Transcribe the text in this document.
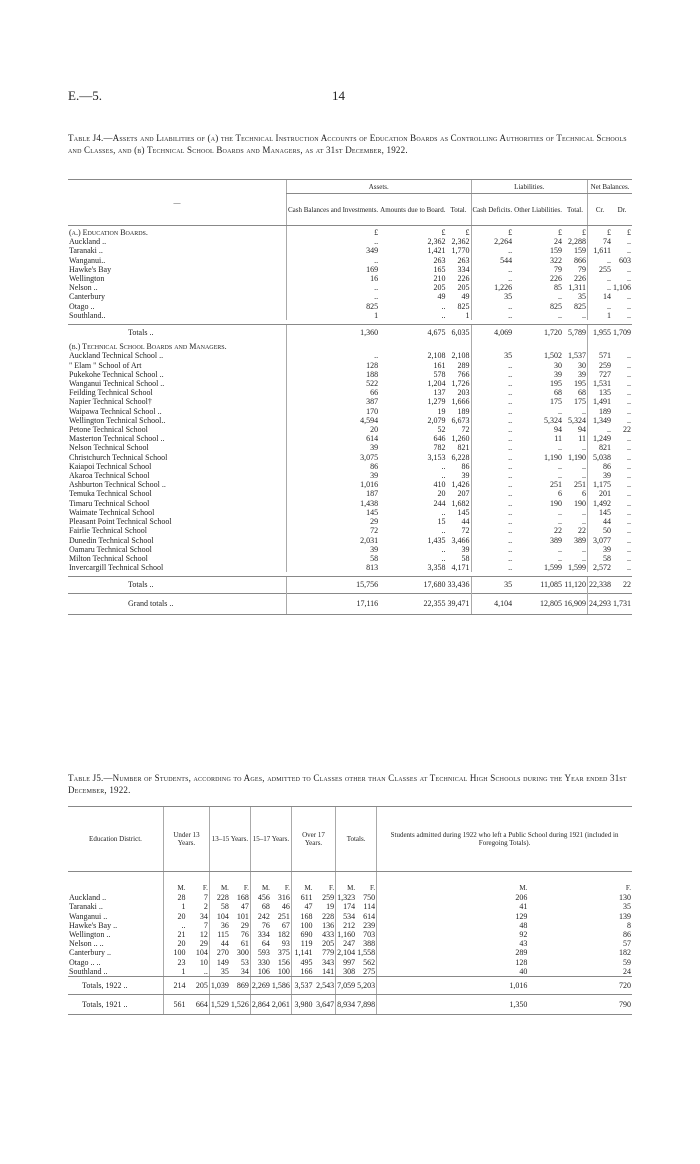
E.—5.	14
Table J4.—Assets and Liabilities of (a) the Technical Instruction Accounts of Education Boards as Controlling Authorities of Technical Schools and Classes, and (b) Technical School Boards and Managers, as at 31st December, 1922.
—	Assets.			Liabilities.			Net Balances.	
	Cash Balances and Investments.	Amounts due to Board.	Total.	Cash Deficits.	Other Liabilities.	Total.	Cr.	Dr.
(a.) Education Boards.	£	£	£	£	£	£	£	£
Auckland ..	..	2,362	2,362	2,264	24	2,288	74	..
Taranaki ..	349	1,421	1,770	..	159	159	1,611	..
Wanganui..	..	263	263	544	322	866	..	603
Hawke's Bay	169	165	334	..	79	79	255	..
Wellington	16	210	226	..	226	226	..	..
Nelson ..	..	205	205	1,226	85	1,311	..	1,106
Canterbury	..	49	49	35	..	35	14	..
Otago ..	825	..	825	..	825	825	..	..
Southland..	1	..	1	..	..	..	1	..

Totals ..	1,360	4,675	6,035	4,069	1,720	5,789	1,955	1,709
(b.) Technical School Boards and Managers.								
Auckland Technical School ..	..	2,108	2,108	35	1,502	1,537	571	..
" Elam " School of Art	128	161	289	..	30	30	259	..
Pukekohe Technical School ..	188	578	766	..	39	39	727	..
Wanganui Technical School ..	522	1,204	1,726	..	195	195	1,531	..
Feilding Technical School	66	137	203	..	68	68	135	..
Napier Technical School†	387	1,279	1,666	..	175	175	1,491	..
Waipawa Technical School ..	170	19	189	..	..	..	189	..
Wellington Technical School..	4,594	2,079	6,673	..	5,324	5,324	1,349	..
Petone Technical School	20	52	72	..	94	94	..	22
Masterton Technical School ..	614	646	1,260	..	11	11	1,249	..
Nelson Technical School	39	782	821	..	..	..	821	..
Christchurch Technical School	3,075	3,153	6,228	..	1,190	1,190	5,038	..
Kaiapoi Technical School	86	..	86	..	..	..	86	..
Akaroa Technical School	39	..	39	..	..	..	39	..
Ashburton Technical School ..	1,016	410	1,426	..	251	251	1,175	..
Temuka Technical School	187	20	207	..	6	6	201	..
Timaru Technical School	1,438	244	1,682	..	190	190	1,492	..
Waimate Technical School	145	..	145	..	..	..	145	..
Pleasant Point Technical School	29	15	44	..	..	..	44	..
Fairlie Technical School	72	..	72	..	22	22	50	..
Dunedin Technical School	2,031	1,435	3,466	..	389	389	3,077	..
Oamaru Technical School	39	..	39	..	..	..	39	..
Milton Technical School	58	..	58	..	..	..	58	..
Invercargill Technical School	813	3,358	4,171	..	1,599	1,599	2,572	..

Totals ..	15,756	17,680	33,436	35	11,085	11,120	22,338	22
Grand totals ..	17,116	22,355	39,471	4,104	12,805	16,909	24,293	1,731
Table J5.—Number of Students, according to Ages, admitted to Classes other than Classes at Technical High Schools during the Year ended 31st December, 1922.
Education District.	Under 13 Years.		13–15 Years.		15–17 Years.		Over 17 Years.		Totals.		Students admitted during 1922 who left a Public School during 1921 (included in Foregoing Totals).	
	M.	F.	M.	F.	M.	F.	M.	F.	M.	F.	M.	F.
Auckland ..	28	7	228	168	456	316	611	259	1,323	750	206	130
Taranaki ..	1	2	58	47	68	46	47	19	174	114	41	35
Wanganui ..	20	34	104	101	242	251	168	228	534	614	129	139
Hawke's Bay ..	..	7	36	29	76	67	100	136	212	239	48	8
Wellington ..	21	12	115	76	334	182	690	433	1,160	703	92	86
Nelson .. ..	20	29	44	61	64	93	119	205	247	388	43	57
Canterbury ..	100	104	270	300	593	375	1,141	779	2,104	1,558	289	182
Otago .. ..	23	10	149	53	330	156	495	343	997	562	128	59
Southland ..	1	..	35	34	106	100	166	141	308	275	40	24

Totals, 1922 ..	214	205	1,039	869	2,269	1,586	3,537	2,543	7,059	5,203	1,016	720
Totals, 1921 ..	561	664	1,529	1,526	2,864	2,061	3,980	3,647	8,934	7,898	1,350	790
